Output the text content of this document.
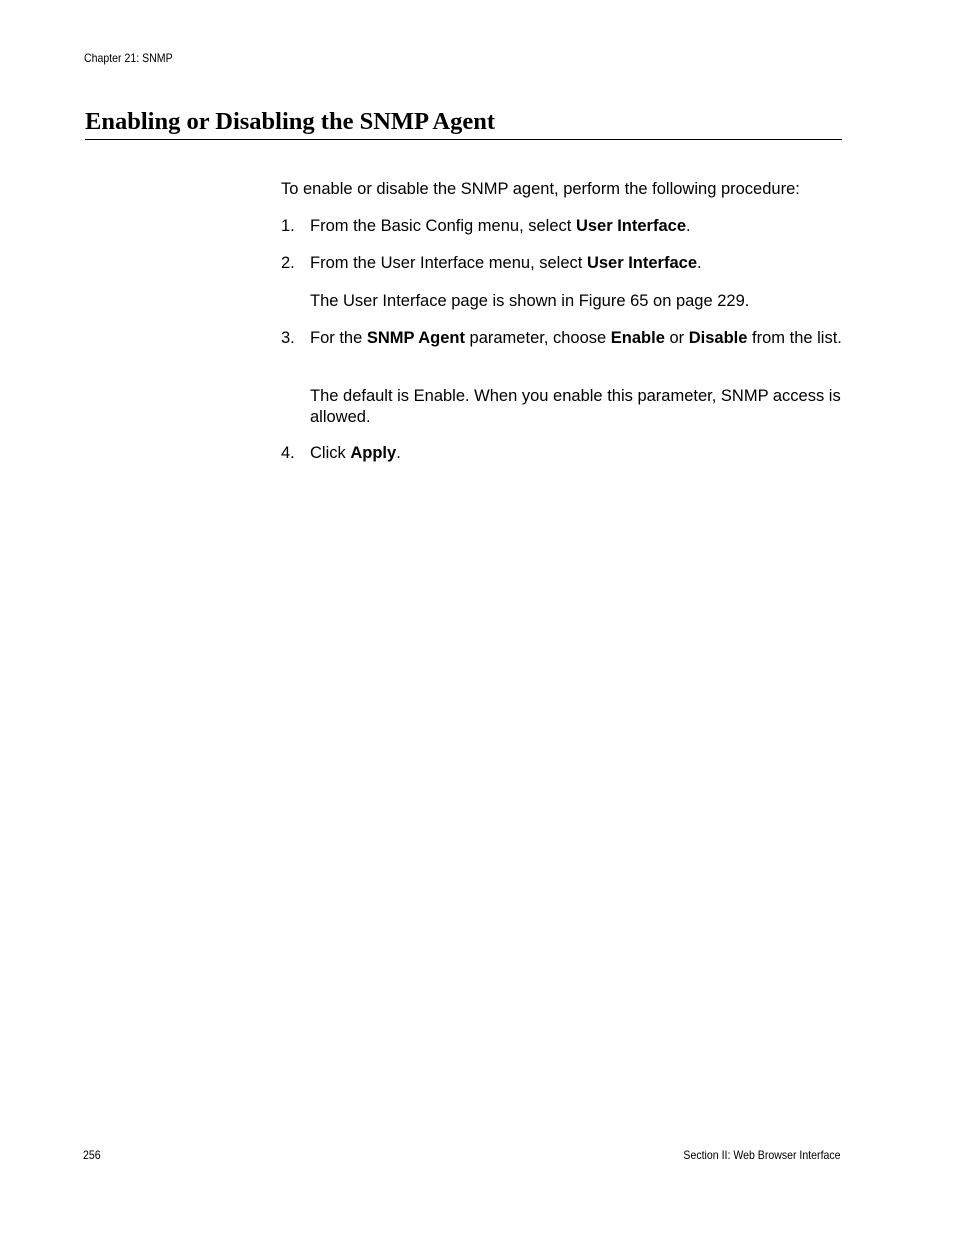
Chapter 21: SNMP
Enabling or Disabling the SNMP Agent
To enable or disable the SNMP agent, perform the following procedure:
1. From the Basic Config menu, select User Interface.
2. From the User Interface menu, select User Interface.
The User Interface page is shown in Figure 65 on page 229.
3. For the SNMP Agent parameter, choose Enable or Disable from the list.
The default is Enable. When you enable this parameter, SNMP access is allowed.
4. Click Apply.
256	Section II: Web Browser Interface
